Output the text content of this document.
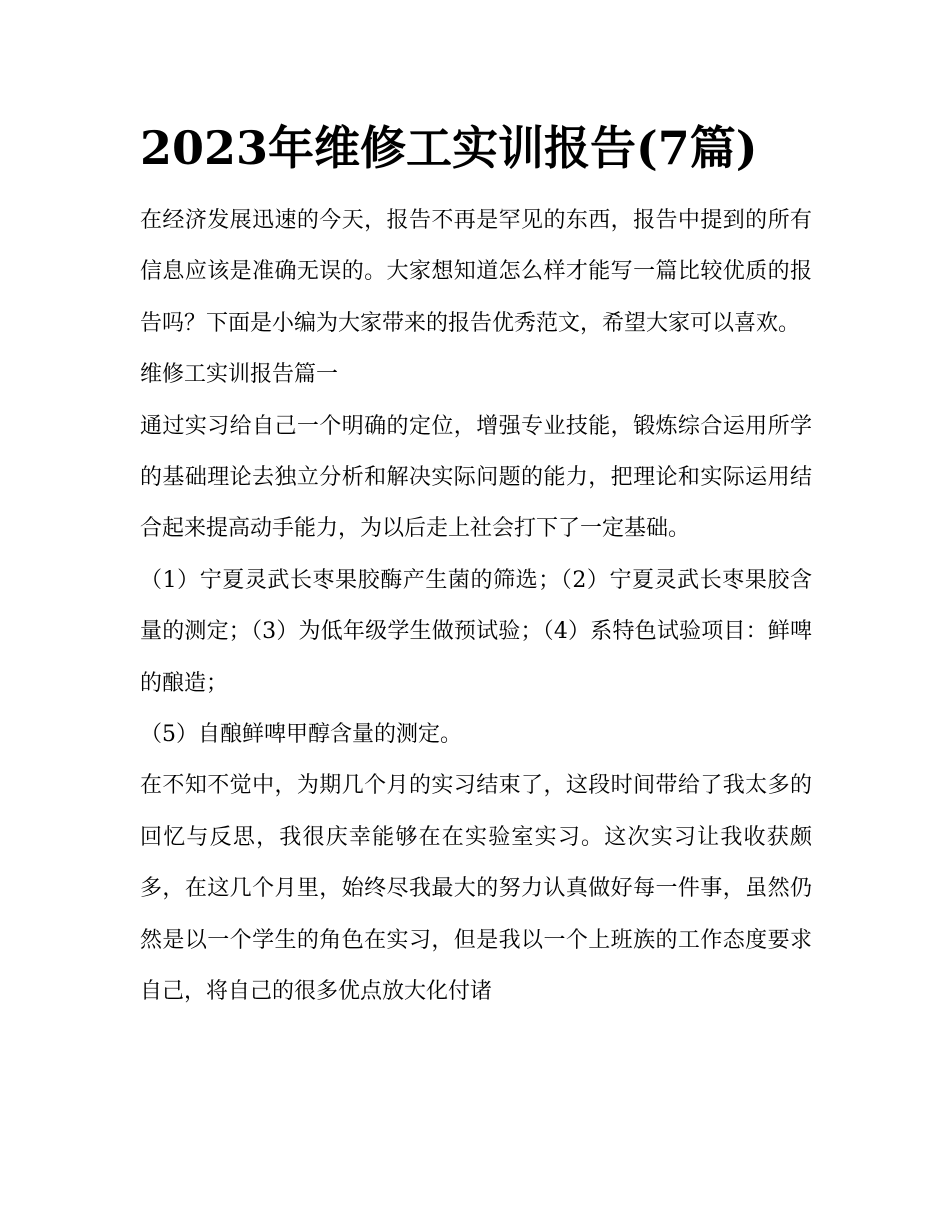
2023年维修工实训报告(7篇)

在经济发展迅速的今天，报告不再是罕见的东西，报告中提到的所有信息应该是准确无误的。大家想知道怎么样才能写一篇比较优质的报告吗？下面是小编为大家带来的报告优秀范文，希望大家可以喜欢。

维修工实训报告篇一

通过实习给自己一个明确的定位，增强专业技能，锻炼综合运用所学的基础理论去独立分析和解决实际问题的能力，把理论和实际运用结合起来提高动手能力，为以后走上社会打下了一定基础。

（1）宁夏灵武长枣果胶酶产生菌的筛选；（2）宁夏灵武长枣果胶含量的测定；（3）为低年级学生做预试验；（4）系特色试验项目：鲜啤的酿造；

（5）自酿鲜啤甲醇含量的测定。

在不知不觉中，为期几个月的实习结束了，这段时间带给了我太多的回忆与反思，我很庆幸能够在在实验室实习。这次实习让我收获颇多，在这几个月里，始终尽我最大的努力认真做好每一件事，虽然仍然是以一个学生的角色在实习，但是我以一个上班族的工作态度要求自己，将自己的很多优点放大化付诸
